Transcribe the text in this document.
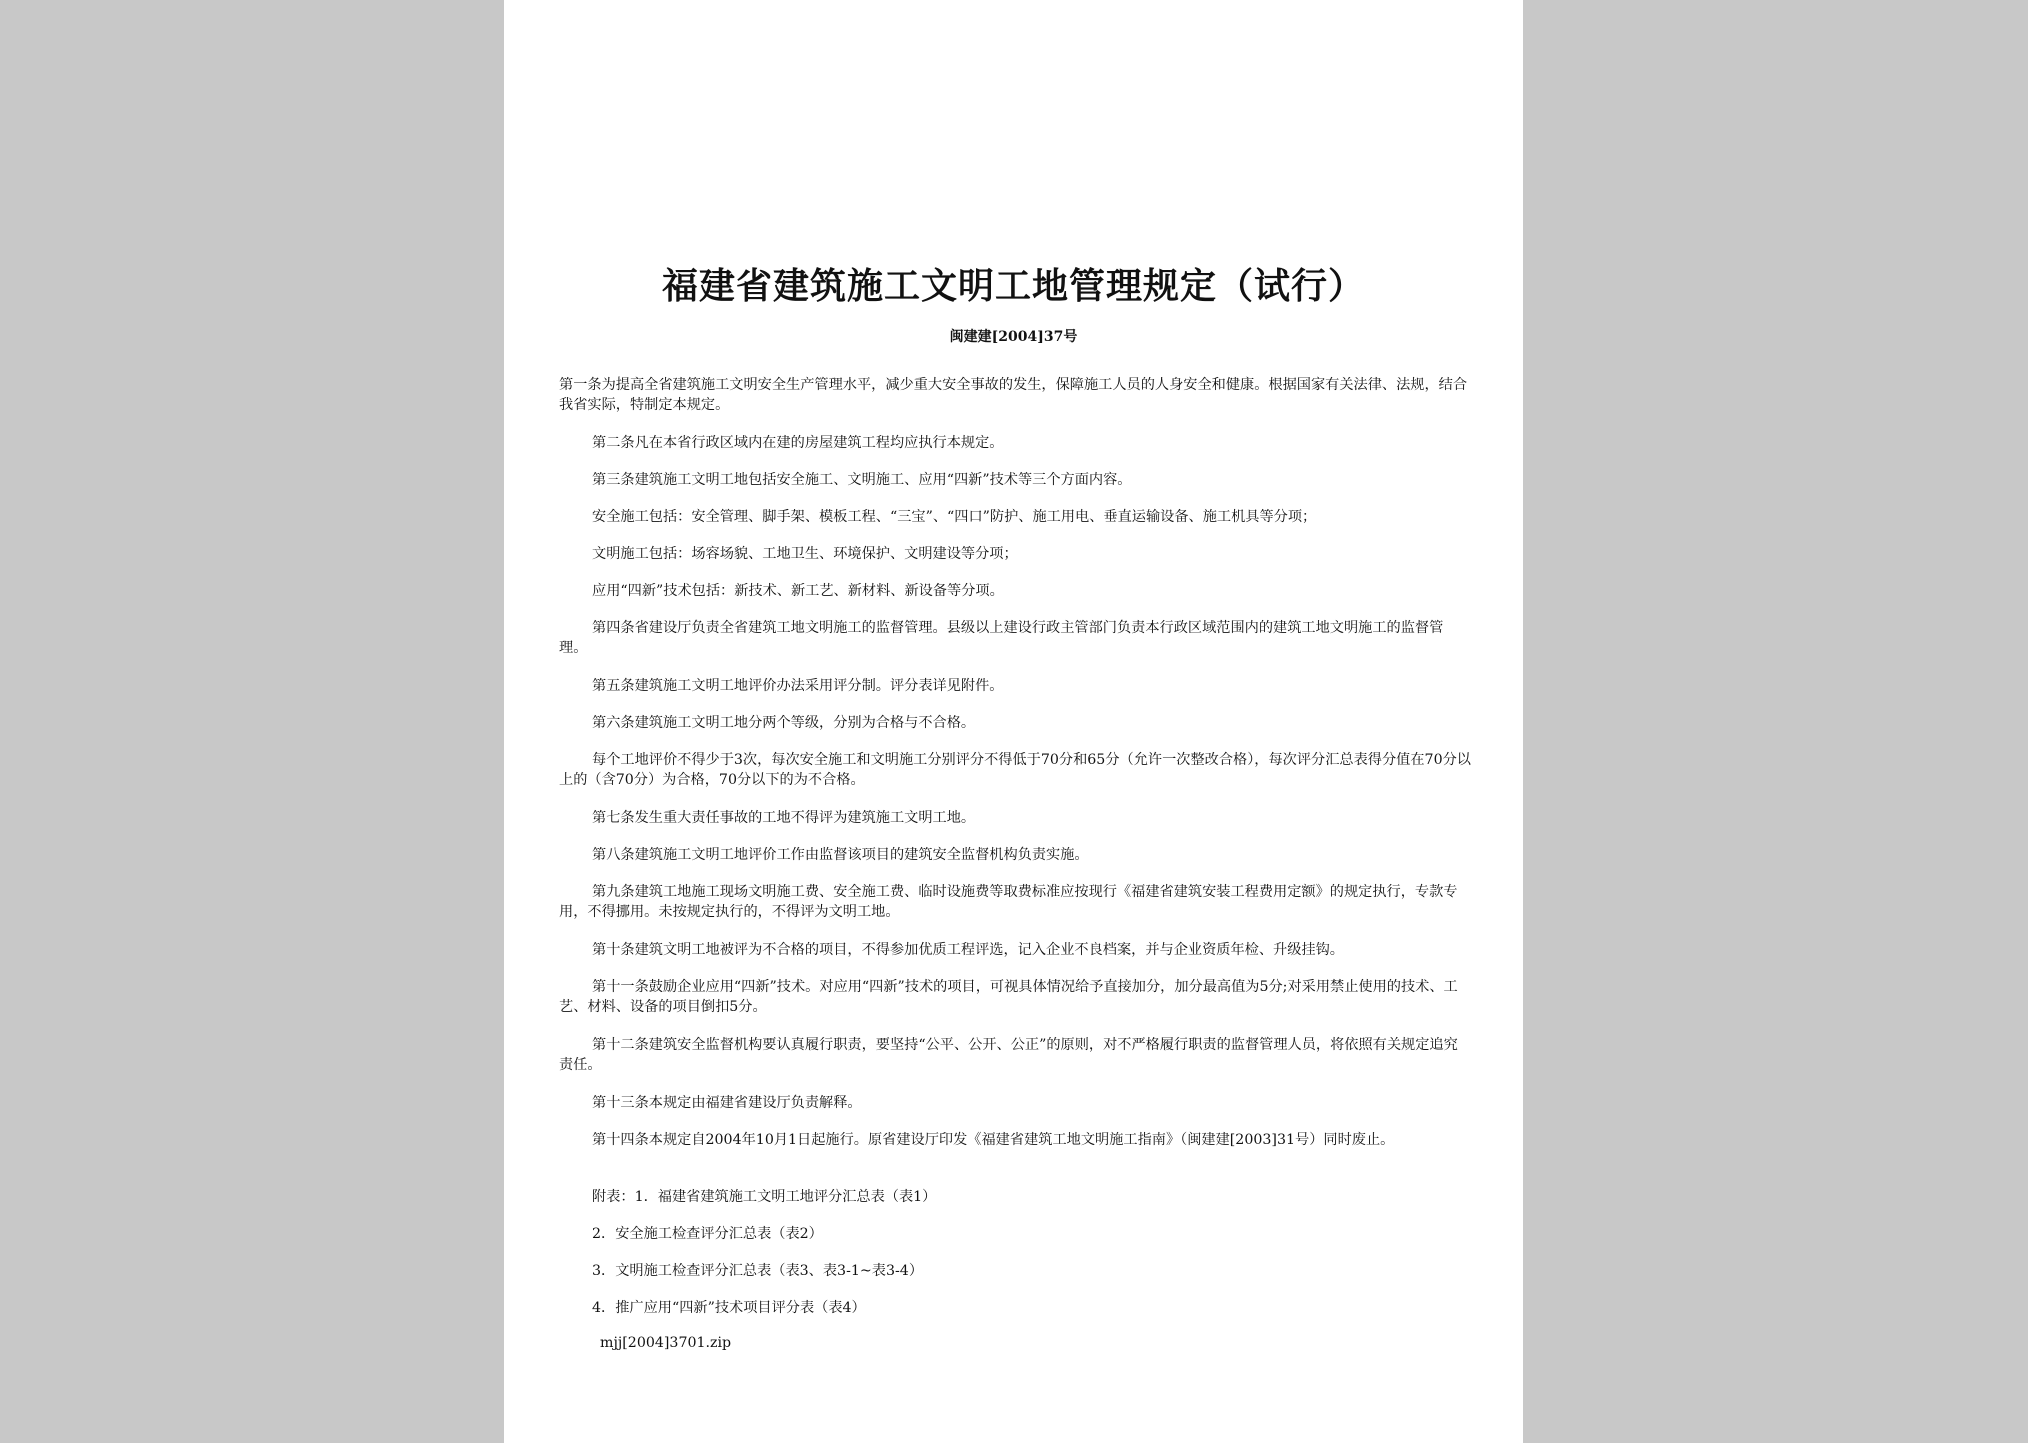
福建省建筑施工文明工地管理规定（试行）
闽建建[2004]37号

第一条为提高全省建筑施工文明安全生产管理水平，减少重大安全事故的发生，保障施工人员的人身安全和健康。根据国家有关法律、法规，结合我省实际，特制定本规定。

第二条凡在本省行政区域内在建的房屋建筑工程均应执行本规定。

第三条建筑施工文明工地包括安全施工、文明施工、应用“四新”技术等三个方面内容。

安全施工包括：安全管理、脚手架、模板工程、“三宝”、“四口”防护、施工用电、垂直运输设备、施工机具等分项；

文明施工包括：场容场貌、工地卫生、环境保护、文明建设等分项；

应用“四新”技术包括：新技术、新工艺、新材料、新设备等分项。

第四条省建设厅负责全省建筑工地文明施工的监督管理。县级以上建设行政主管部门负责本行政区域范围内的建筑工地文明施工的监督管理。

第五条建筑施工文明工地评价办法采用评分制。评分表详见附件。

第六条建筑施工文明工地分两个等级，分别为合格与不合格。

每个工地评价不得少于3次，每次安全施工和文明施工分别评分不得低于70分和65分（允许一次整改合格），每次评分汇总表得分值在70分以上的（含70分）为合格，70分以下的为不合格。

第七条发生重大责任事故的工地不得评为建筑施工文明工地。

第八条建筑施工文明工地评价工作由监督该项目的建筑安全监督机构负责实施。

第九条建筑工地施工现场文明施工费、安全施工费、临时设施费等取费标准应按现行《福建省建筑安装工程费用定额》的规定执行，专款专用，不得挪用。未按规定执行的，不得评为文明工地。

第十条建筑文明工地被评为不合格的项目，不得参加优质工程评选，记入企业不良档案，并与企业资质年检、升级挂钩。

第十一条鼓励企业应用“四新”技术。对应用“四新”技术的项目，可视具体情况给予直接加分，加分最高值为5分;对采用禁止使用的技术、工艺、材料、设备的项目倒扣5分。

第十二条建筑安全监督机构要认真履行职责，要坚持“公平、公开、公正”的原则，对不严格履行职责的监督管理人员，将依照有关规定追究责任。

第十三条本规定由福建省建设厅负责解释。

第十四条本规定自2004年10月1日起施行。原省建设厅印发《福建省建筑工地文明施工指南》（闽建建[2003]31号）同时废止。

附表：1．福建省建筑施工文明工地评分汇总表（表1）
2．安全施工检查评分汇总表（表2）
3．文明施工检查评分汇总表（表3、表3-1~表3-4）
4．推广应用“四新”技术项目评分表（表4）
mjj[2004]3701.zip
